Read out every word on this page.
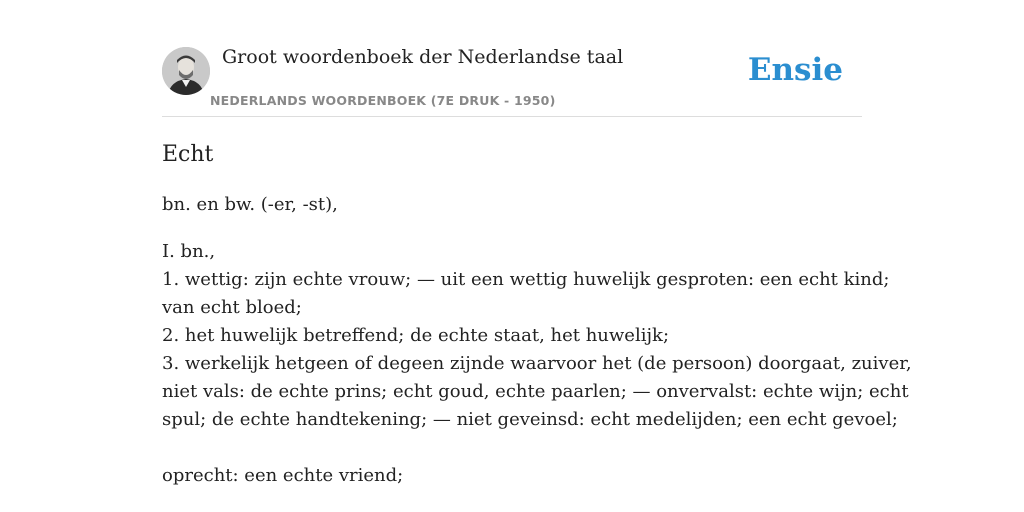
Groot woordenboek der Nederlandse taal
NEDERLANDS WOORDENBOEK (7E DRUK - 1950)
Ensie
Echt

bn. en bw. (-er, -st),

I. bn.,
1. wettig: zijn echte vrouw; — uit een wettig huwelijk gesproten: een echt kind;
van echt bloed;
2. het huwelijk betreffend; de echte staat, het huwelijk;
3. werkelijk hetgeen of degeen zijnde waarvoor het (de persoon) doorgaat, zuiver,
niet vals: de echte prins; echt goud, echte paarlen; — onvervalst: echte wijn; echt
spul; de echte handtekening; — niet geveinsd: echt medelijden; een echt gevoel;
oprecht: een echte vriend;
